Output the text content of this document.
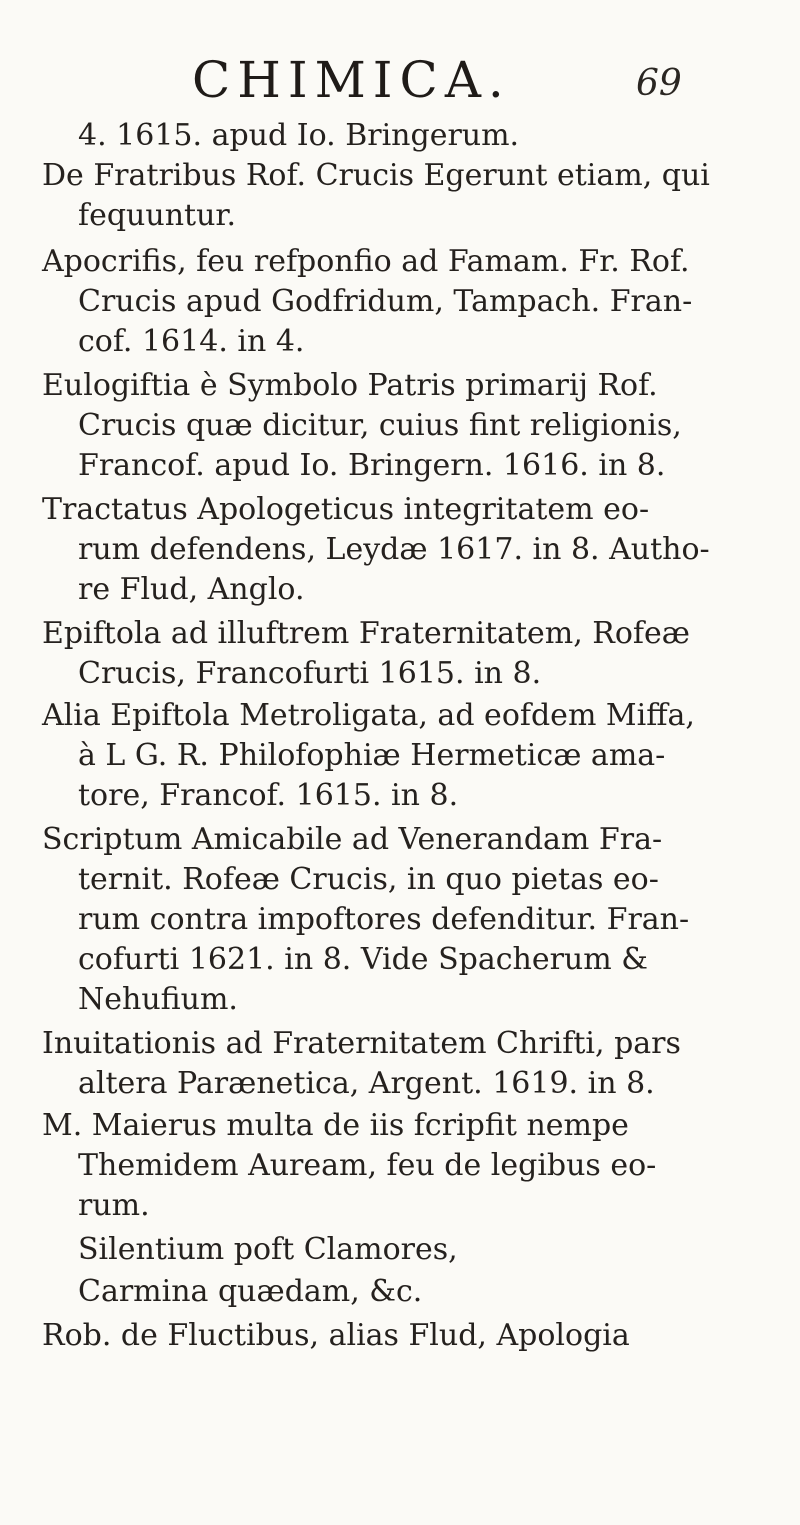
CHIMICA.	69
4. 1615. apud Io. Bringerum.
De Fratribus Rof. Crucis Egerunt etiam, qui
fequuntur.
Apocrifis, feu refponfio ad Famam. Fr. Rof.
Crucis apud Godfridum, Tampach. Fran-
cof. 1614. in 4.
Eulogiftia è Symbolo Patris primarij Rof.
Crucis quæ dicitur, cuius fint religionis,
Francof. apud Io. Bringern. 1616. in 8.
Tractatus Apologeticus integritatem eo-
rum defendens, Leydæ 1617. in 8. Autho-
re Flud, Anglo.
Epiftola ad illuftrem Fraternitatem, Rofeæ
Crucis, Francofurti 1615. in 8.
Alia Epiftola Metroligata, ad eofdem Miffa,
à L G. R. Philofophiæ Hermeticæ ama-
tore, Francof. 1615. in 8.
Scriptum Amicabile ad Venerandam Fra-
ternit. Rofeæ Crucis, in quo pietas eo-
rum contra impoftores defenditur. Fran-
cofurti 1621. in 8. Vide Spacherum &
Nehufium.
Inuitationis ad Fraternitatem Chrifti, pars
altera Parænetica, Argent. 1619. in 8.
M. Maierus multa de iis fcripfit nempe
Themidem Auream, feu de legibus eo-
rum.
Silentium poft Clamores,
Carmina quædam, &c.
Rob. de Fluctibus, alias Flud, Apologia
